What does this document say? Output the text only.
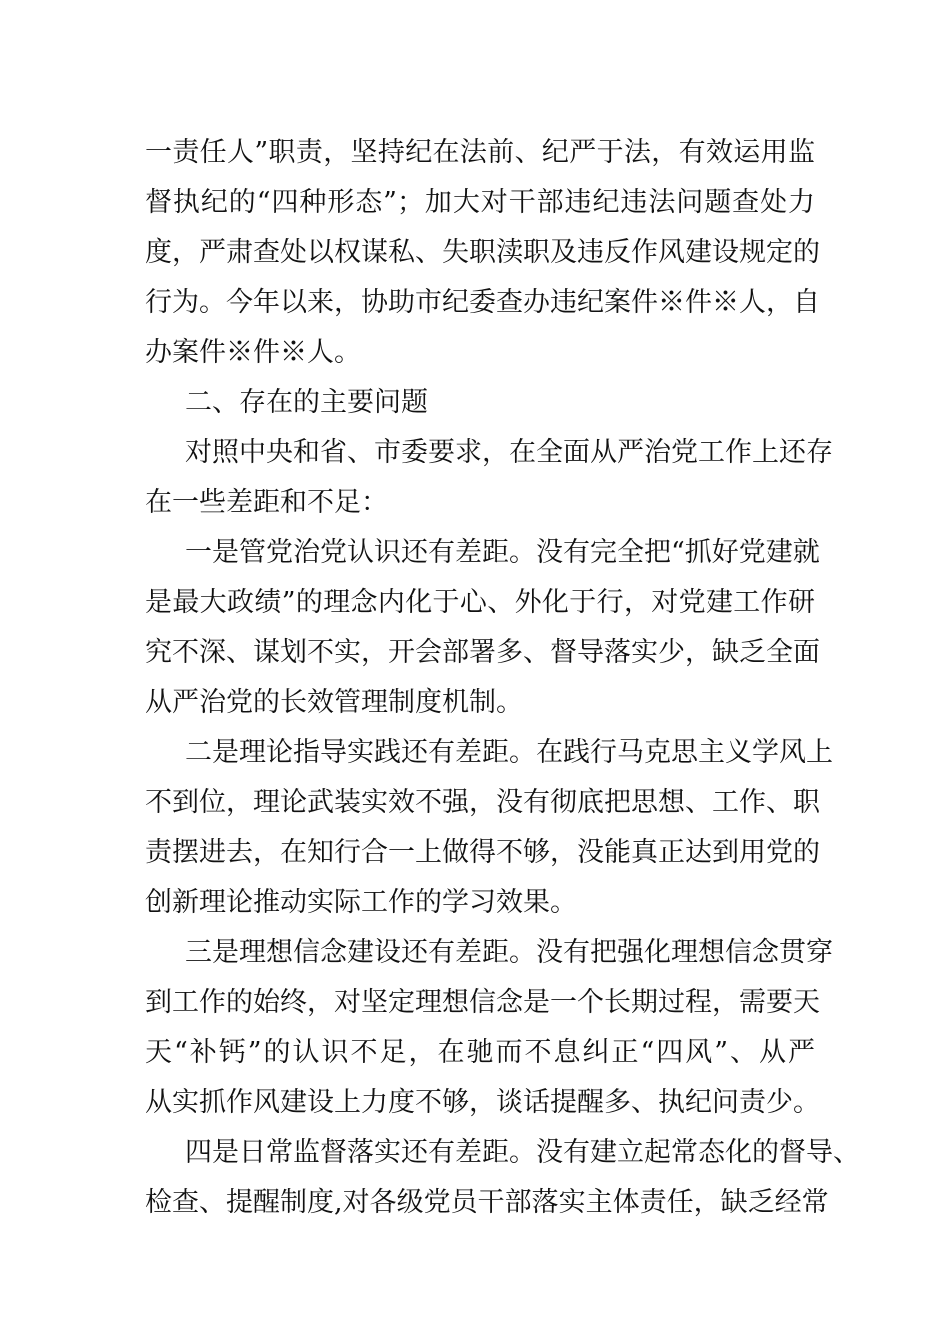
一责任人”职责，坚持纪在法前、纪严于法，有效运用监
督执纪的“四种形态”；加大对干部违纪违法问题查处力
度，严肃查处以权谋私、失职渎职及违反作风建设规定的
行为。今年以来，协助市纪委查办违纪案件※件※人，自
办案件※件※人。
二、存在的主要问题
对照中央和省、市委要求，在全面从严治党工作上还存
在一些差距和不足：
一是管党治党认识还有差距。没有完全把“抓好党建就
是最大政绩”的理念内化于心、外化于行，对党建工作研
究不深、谋划不实，开会部署多、督导落实少，缺乏全面
从严治党的长效管理制度机制。
二是理论指导实践还有差距。在践行马克思主义学风上
不到位，理论武装实效不强，没有彻底把思想、工作、职
责摆进去，在知行合一上做得不够，没能真正达到用党的
创新理论推动实际工作的学习效果。
三是理想信念建设还有差距。没有把强化理想信念贯穿
到工作的始终，对坚定理想信念是一个长期过程，需要天
天“补钙”的认识不足，在驰而不息纠正“四风”、从严
从实抓作风建设上力度不够，谈话提醒多、执纪问责少。
四是日常监督落实还有差距。没有建立起常态化的督导、
检查、提醒制度,对各级党员干部落实主体责任，缺乏经常
